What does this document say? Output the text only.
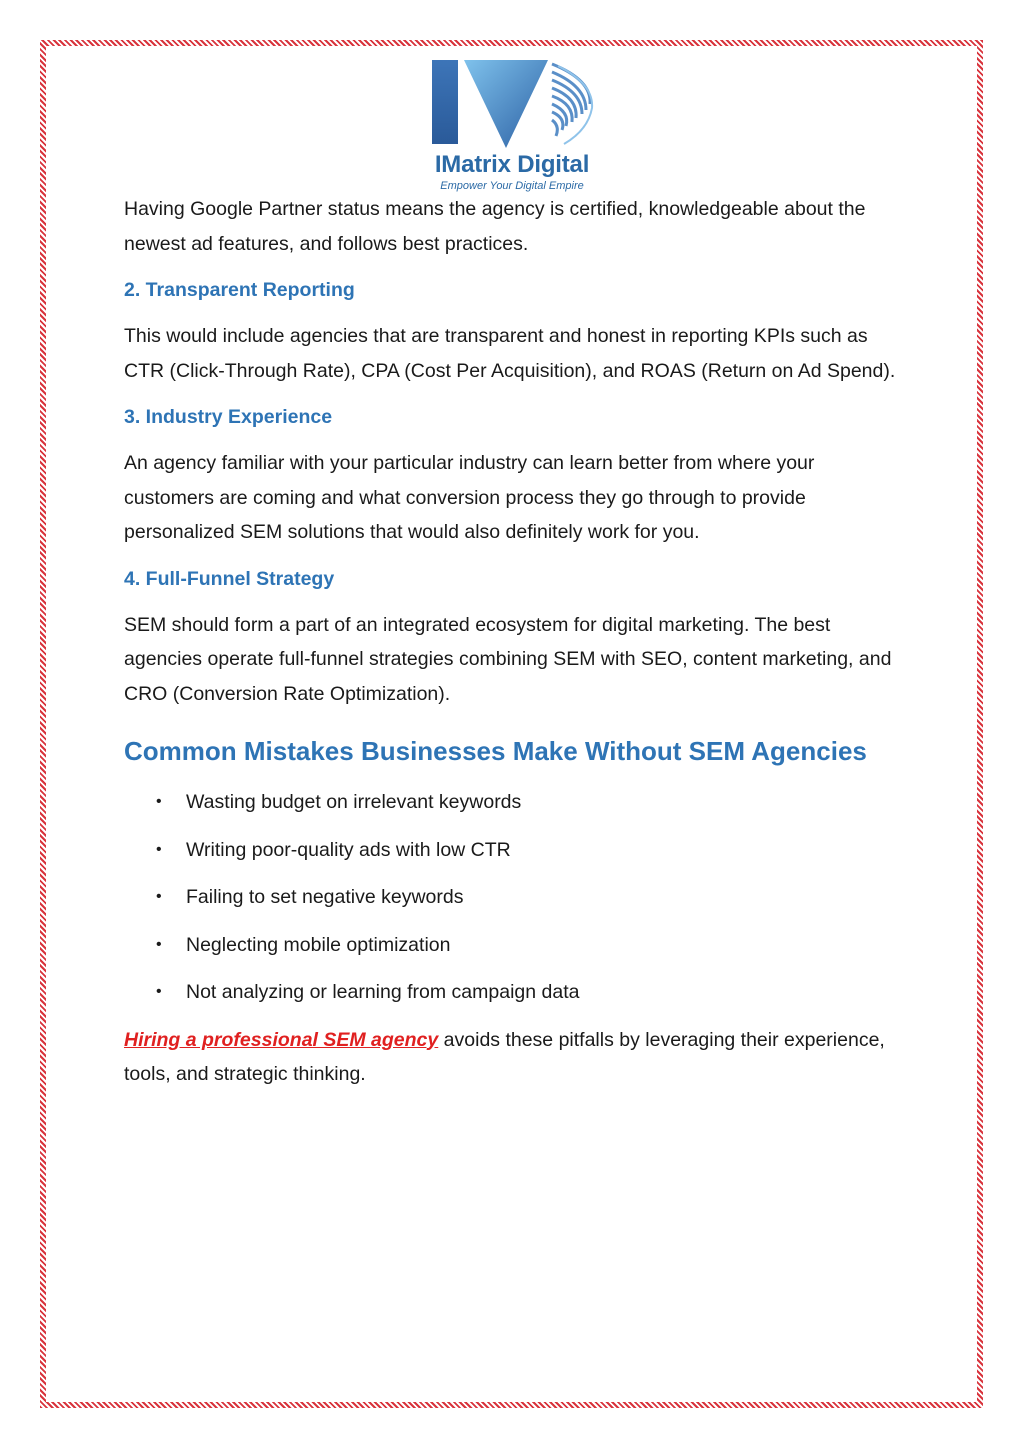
IMatrix Digital
Empower Your Digital Empire

Having Google Partner status means the agency is certified, knowledgeable about the newest ad features, and follows best practices.

2. Transparent Reporting

This would include agencies that are transparent and honest in reporting KPIs such as CTR (Click-Through Rate), CPA (Cost Per Acquisition), and ROAS (Return on Ad Spend).

3. Industry Experience

An agency familiar with your particular industry can learn better from where your customers are coming and what conversion process they go through to provide personalized SEM solutions that would also definitely work for you.

4. Full-Funnel Strategy

SEM should form a part of an integrated ecosystem for digital marketing. The best agencies operate full-funnel strategies combining SEM with SEO, content marketing, and CRO (Conversion Rate Optimization).

Common Mistakes Businesses Make Without SEM Agencies
• Wasting budget on irrelevant keywords
• Writing poor-quality ads with low CTR
• Failing to set negative keywords
• Neglecting mobile optimization
• Not analyzing or learning from campaign data

Hiring a professional SEM agency avoids these pitfalls by leveraging their experience, tools, and strategic thinking.
